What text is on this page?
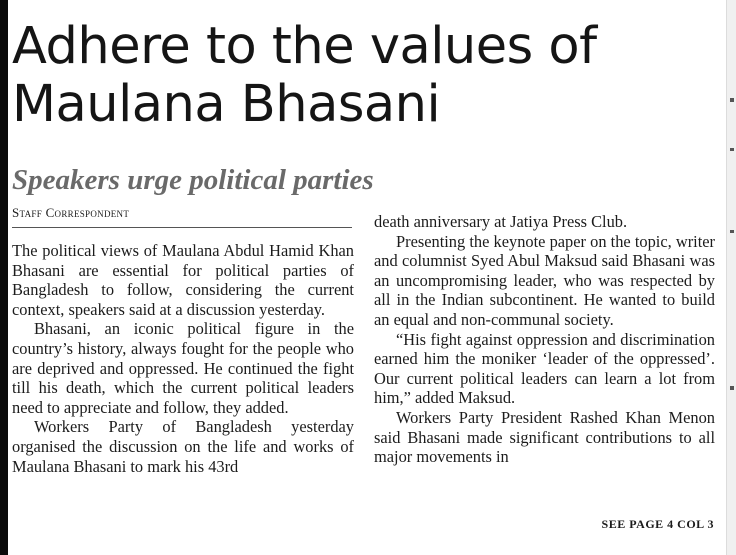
Adhere to the values of Maulana Bhasani
Speakers urge political parties
Staff Correspondent

The political views of Maulana Abdul Hamid Khan Bhasani are essential for political parties of Bangladesh to follow, considering the current context, speakers said at a discussion yesterday.

Bhasani, an iconic political figure in the country’s history, always fought for the people who are deprived and oppressed. He continued the fight till his death, which the current political leaders need to appreciate and follow, they added.

Workers Party of Bangladesh yesterday organised the discussion on the life and works of Maulana Bhasani to mark his 43rd

death anniversary at Jatiya Press Club.

Presenting the keynote paper on the topic, writer and columnist Syed Abul Maksud said Bhasani was an uncompromising leader, who was respected by all in the Indian subcontinent. He wanted to build an equal and non-communal society.

“His fight against oppression and discrimination earned him the moniker ‘leader of the oppressed’. Our current political leaders can learn a lot from him,” added Maksud.

Workers Party President Rashed Khan Menon said Bhasani made significant contributions to all major movements in

SEE PAGE 4 COL 3
